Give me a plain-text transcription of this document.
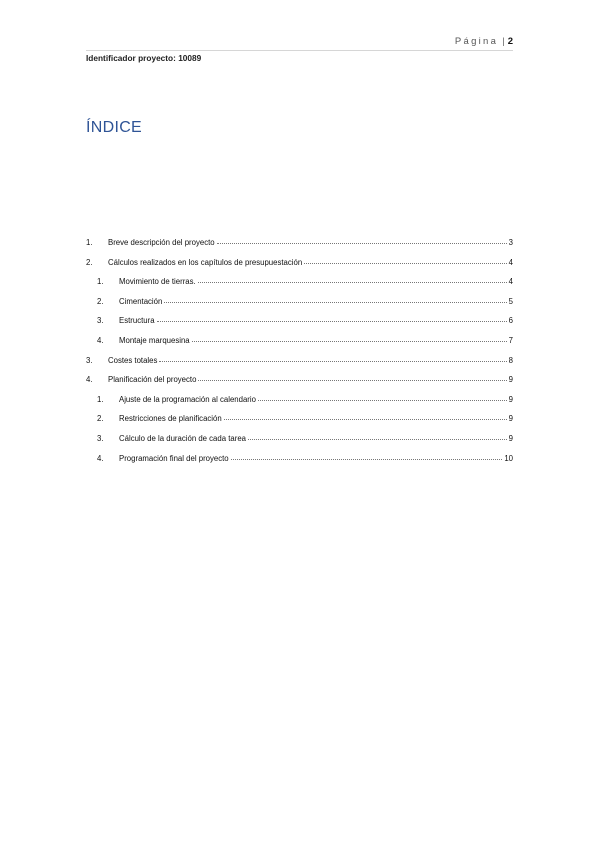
Página | 2
Identificador proyecto: 10089
ÍNDICE
1.	Breve descripción del proyecto	3
2.	Cálculos realizados en los capítulos de presupuestación	4
1.	Movimiento de tierras.	4
2.	Cimentación	5
3.	Estructura	6
4.	Montaje marquesina	7
3.	Costes totales	8
4.	Planificación del proyecto	9
1.	Ajuste de la programación al calendario	9
2.	Restricciones de planificación	9
3.	Cálculo de la duración de cada tarea	9
4.	Programación final del proyecto	10
